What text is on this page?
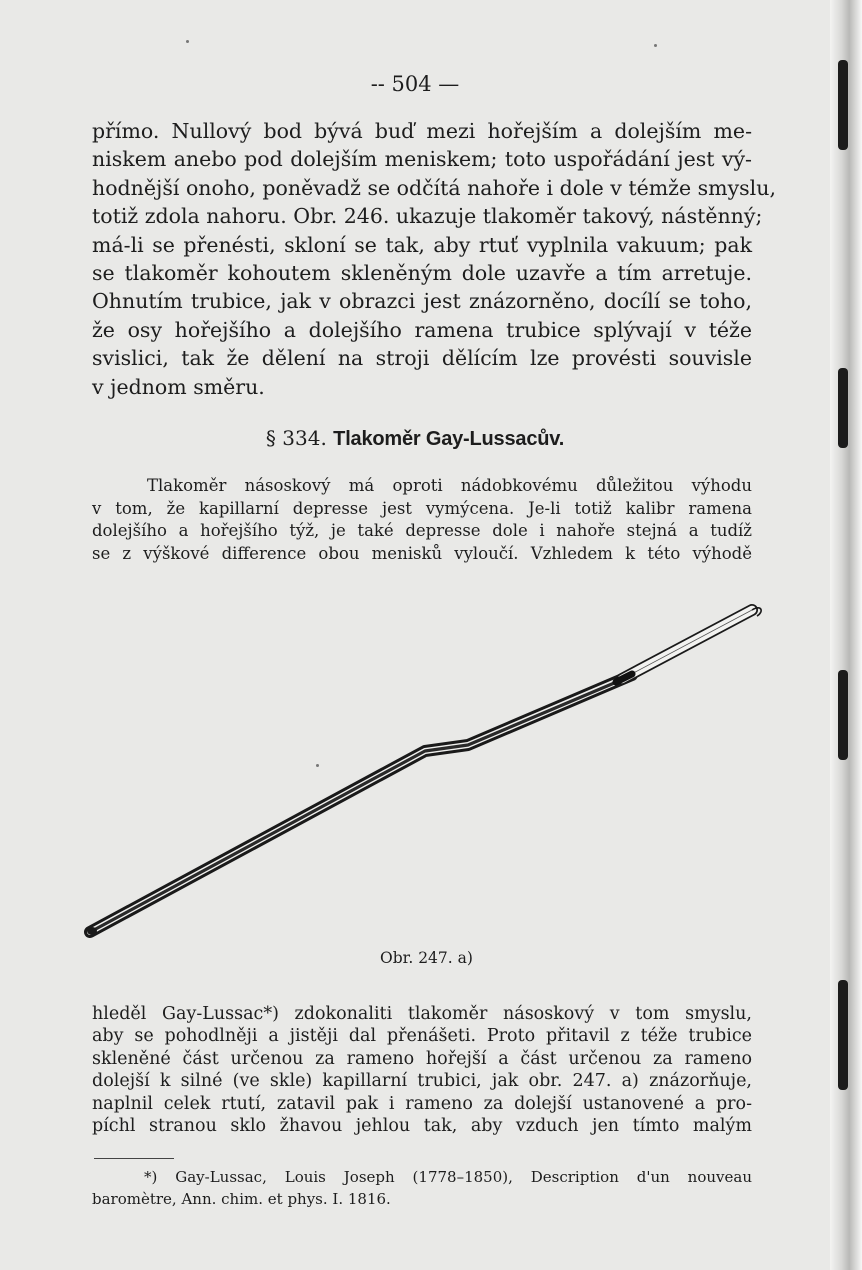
-- 504 —
přímo. Nullový bod bývá buď mezi hořejším a dolejším me-
niskem anebo pod dolejším meniskem; toto uspořádání jest vý-
hodnější onoho, poněvadž se odčítá nahoře i dole v témže smyslu,
totiž zdola nahoru. Obr. 246. ukazuje tlakoměr takový, nástěnný;
má-li se přenésti, skloní se tak, aby rtuť vyplnila vakuum; pak
se tlakoměr kohoutem skleněným dole uzavře a tím arretuje.
Ohnutím trubice, jak v obrazci jest znázorněno, docílí se toho,
že osy hořejšího a dolejšího ramena trubice splývají v téže
svislici, tak že dělení na stroji dělícím lze provésti souvisle
v jednom směru.
§ 334. Tlakoměr Gay-Lussacův.
Tlakoměr násoskový má oproti nádobkovému důležitou výhodu
v tom, že kapillarní depresse jest vymýcena. Je-li totiž kalibr ramena
dolejšího a hořejšího týž, je také depresse dole i nahoře stejná a tudíž
se z výškové difference obou menisků vyloučí. Vzhledem k této výhodě
Obr. 247. a)
hleděl Gay-Lussac*) zdokonaliti tlakoměr násoskový v tom smyslu,
aby se pohodlněji a jistěji dal přenášeti. Proto přitavil z téže trubice
skleněné část určenou za rameno hořejší a část určenou za rameno
dolejší k silné (ve skle) kapillarní trubici, jak obr. 247. a) znázorňuje,
naplnil celek rtutí, zatavil pak i rameno za dolejší ustanovené a pro-
píchl stranou sklo žhavou jehlou tak, aby vzduch jen tímto malým
*) Gay-Lussac, Louis Joseph (1778–1850), Description d'un nouveau
baromètre, Ann. chim. et phys. I. 1816.
